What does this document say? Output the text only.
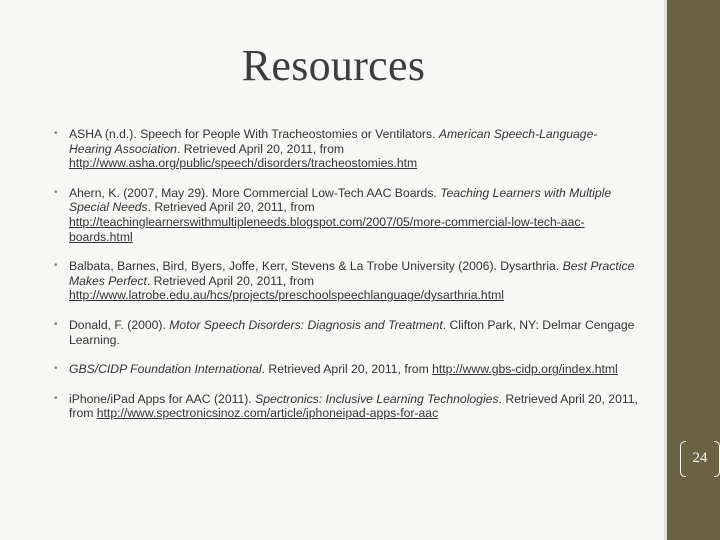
Resources
• ASHA (n.d.). Speech for People With Tracheostomies or Ventilators. American Speech-Language-Hearing Association. Retrieved April 20, 2011, from http://www.asha.org/public/speech/disorders/tracheostomies.htm
• Ahern, K. (2007, May 29). More Commercial Low-Tech AAC Boards. Teaching Learners with Multiple Special Needs. Retrieved April 20, 2011, from http://teachinglearnerswithmultipleneeds.blogspot.com/2007/05/more-commercial-low-tech-aac-boards.html
• Balbata, Barnes, Bird, Byers, Joffe, Kerr, Stevens & La Trobe University (2006). Dysarthria. Best Practice Makes Perfect. Retrieved April 20, 2011, from http://www.latrobe.edu.au/hcs/projects/preschoolspeechlanguage/dysarthria.html
• Donald, F. (2000). Motor Speech Disorders: Diagnosis and Treatment. Clifton Park, NY: Delmar Cengage Learning.
• GBS/CIDP Foundation International. Retrieved April 20, 2011, from http://www.gbs-cidp.org/index.html
• iPhone/iPad Apps for AAC (2011). Spectronics: Inclusive Learning Technologies. Retrieved April 20, 2011, from http://www.spectronicsinoz.com/article/iphoneipad-apps-for-aac
24
